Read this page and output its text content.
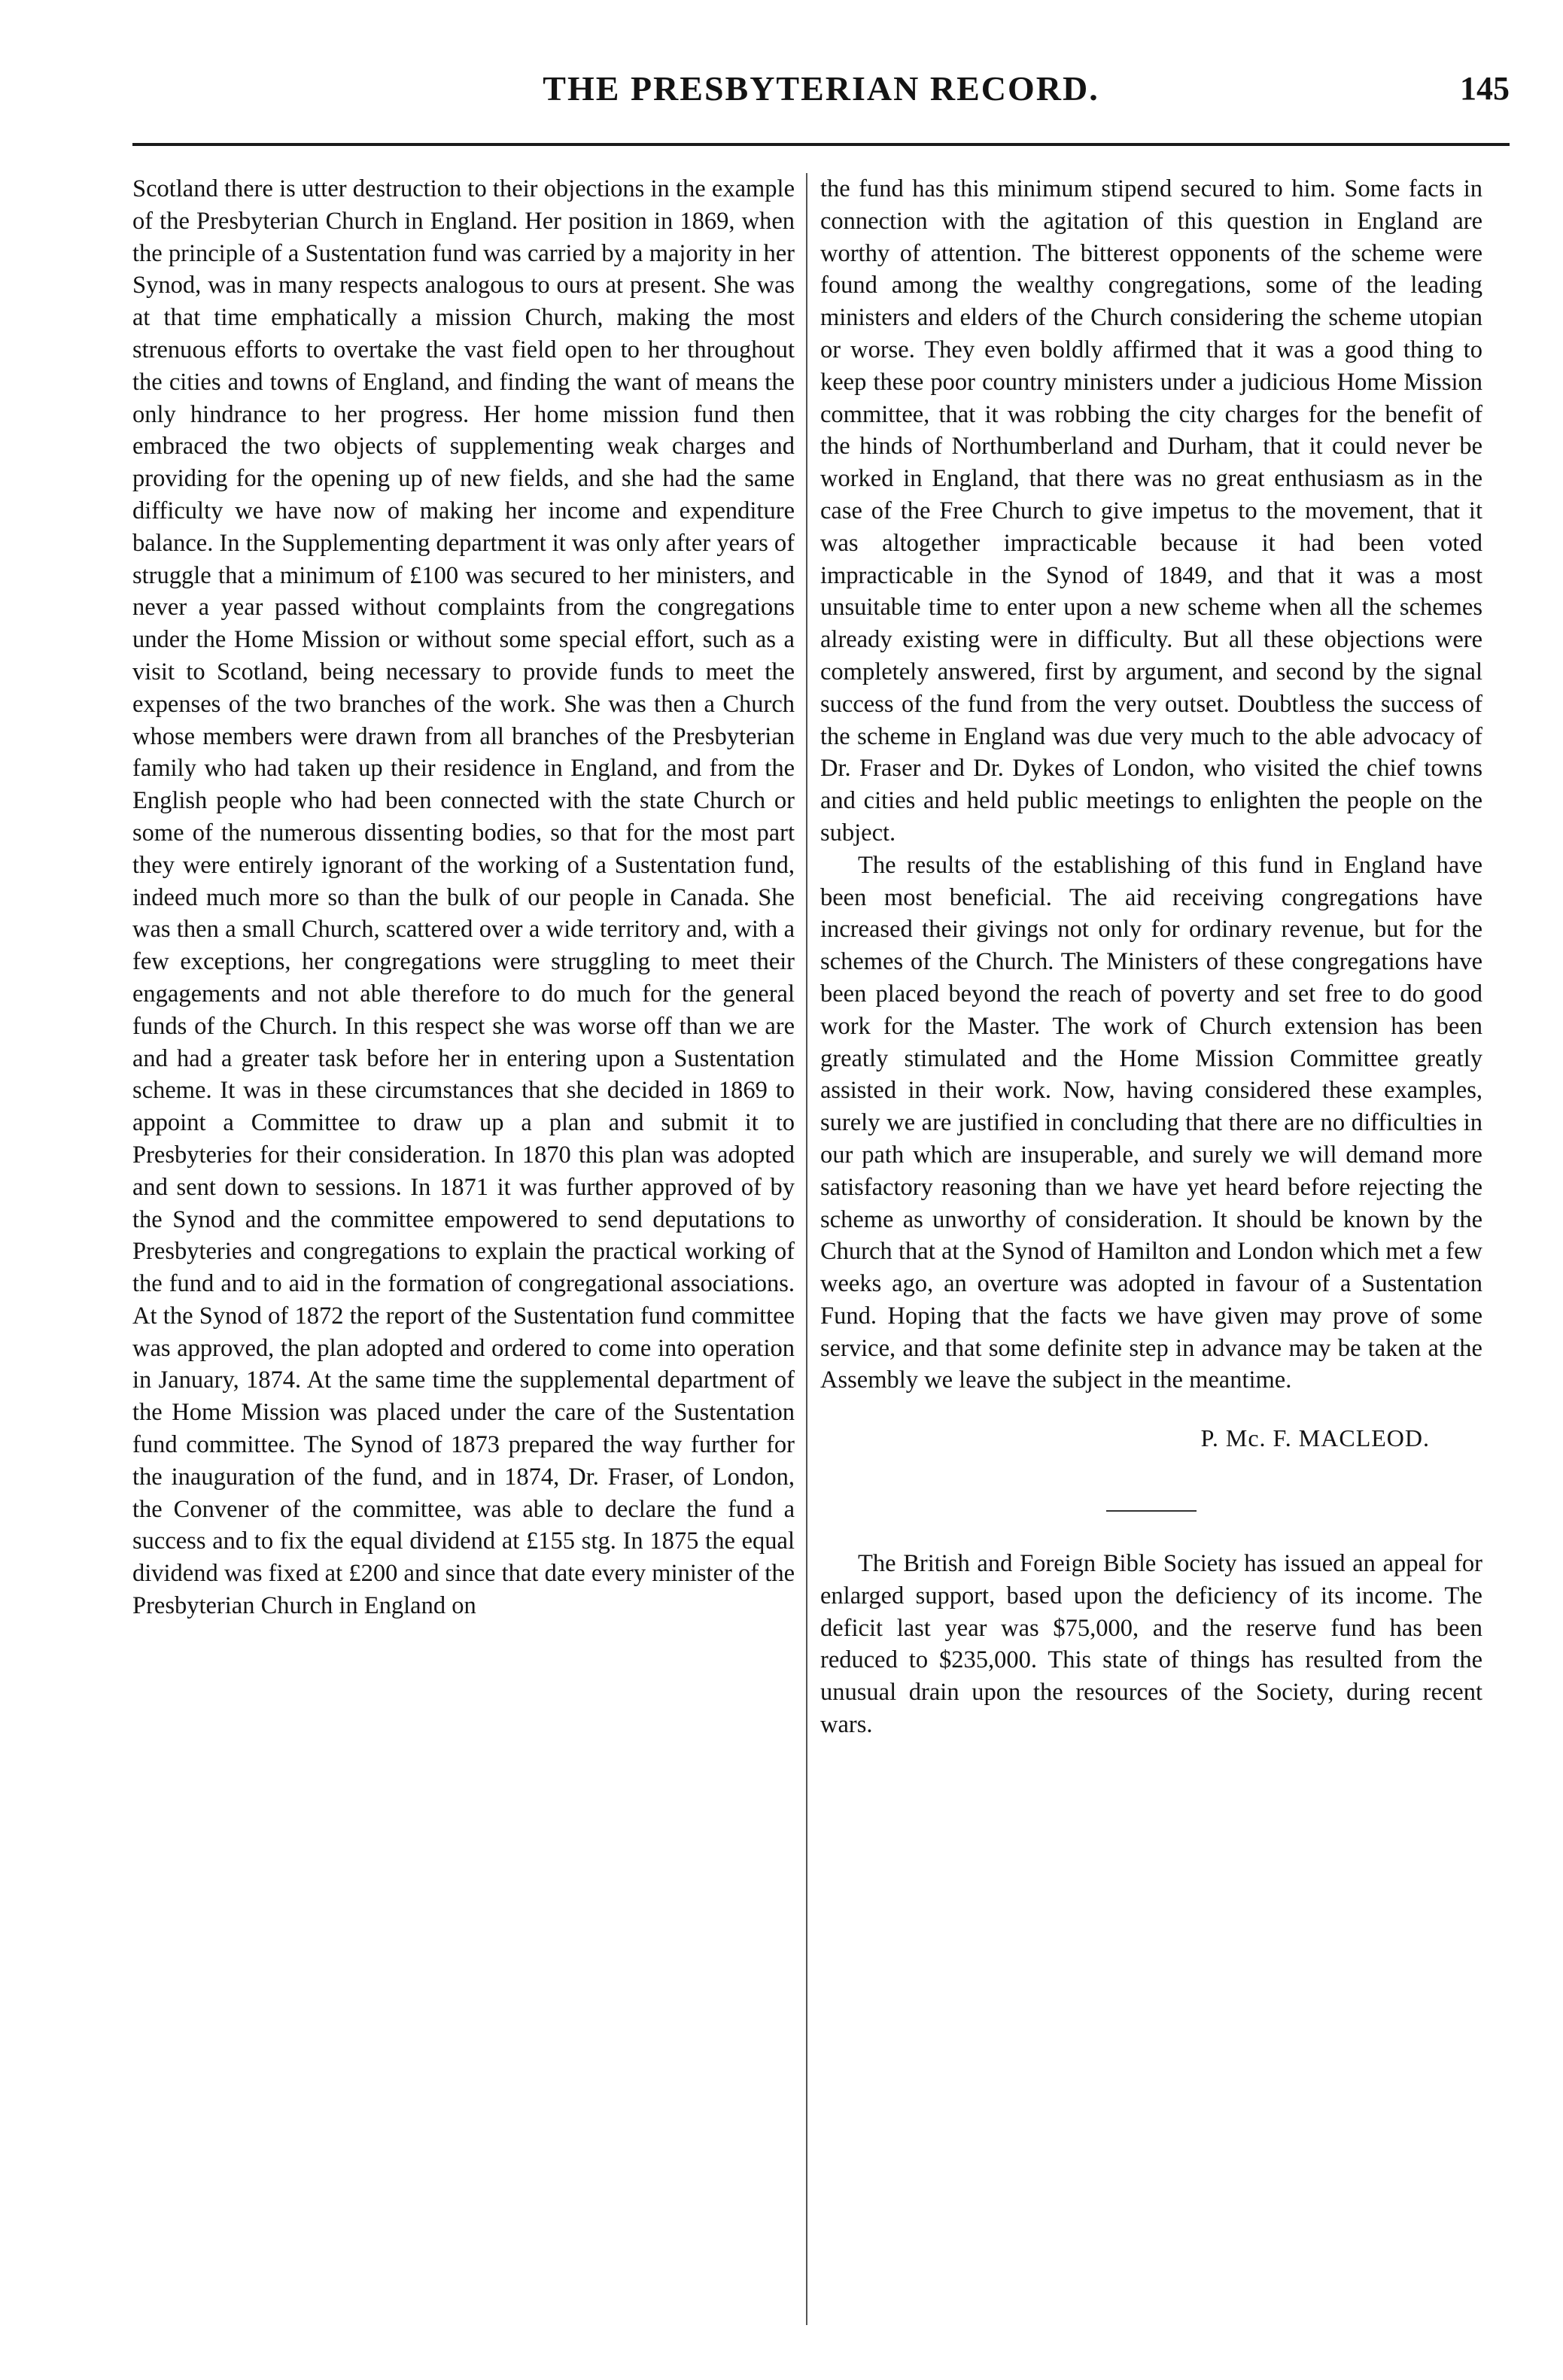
THE PRESBYTERIAN RECORD.	145

Scotland there is utter destruction to their objections in the example of the Presbyterian Church in England. Her position in 1869, when the principle of a Sustentation fund was carried by a majority in her Synod, was in many respects analogous to ours at present. She was at that time emphatically a mission Church, making the most strenuous efforts to overtake the vast field open to her throughout the cities and towns of England, and finding the want of means the only hindrance to her progress. Her home mission fund then embraced the two objects of supplementing weak charges and providing for the opening up of new fields, and she had the same difficulty we have now of making her income and expenditure balance. In the Supplementing department it was only after years of struggle that a minimum of £100 was secured to her ministers, and never a year passed without complaints from the congregations under the Home Mission or without some special effort, such as a visit to Scotland, being necessary to provide funds to meet the expenses of the two branches of the work. She was then a Church whose members were drawn from all branches of the Presbyterian family who had taken up their residence in England, and from the English people who had been connected with the state Church or some of the numerous dissenting bodies, so that for the most part they were entirely ignorant of the working of a Sustentation fund, indeed much more so than the bulk of our people in Canada. She was then a small Church, scattered over a wide territory and, with a few exceptions, her congregations were struggling to meet their engagements and not able therefore to do much for the general funds of the Church. In this respect she was worse off than we are and had a greater task before her in entering upon a Sustentation scheme. It was in these circumstances that she decided in 1869 to appoint a Committee to draw up a plan and submit it to Presbyteries for their consideration. In 1870 this plan was adopted and sent down to sessions. In 1871 it was further approved of by the Synod and the committee empowered to send deputations to Presbyteries and congregations to explain the practical working of the fund and to aid in the formation of congregational associations. At the Synod of 1872 the report of the Sustentation fund committee was approved, the plan adopted and ordered to come into operation in January, 1874. At the same time the supplemental department of the Home Mission was placed under the care of the Sustentation fund committee. The Synod of 1873 prepared the way further for the inauguration of the fund, and in 1874, Dr. Fraser, of London, the Convener of the committee, was able to declare the fund a success and to fix the equal dividend at £155 stg. In 1875 the equal dividend was fixed at £200 and since that date every minister of the Presbyterian Church in England on

the fund has this minimum stipend secured to him. Some facts in connection with the agitation of this question in England are worthy of attention. The bitterest opponents of the scheme were found among the wealthy congregations, some of the leading ministers and elders of the Church considering the scheme utopian or worse. They even boldly affirmed that it was a good thing to keep these poor country ministers under a judicious Home Mission committee, that it was robbing the city charges for the benefit of the hinds of Northumberland and Durham, that it could never be worked in England, that there was no great enthusiasm as in the case of the Free Church to give impetus to the movement, that it was altogether impracticable because it had been voted impracticable in the Synod of 1849, and that it was a most unsuitable time to enter upon a new scheme when all the schemes already existing were in difficulty. But all these objections were completely answered, first by argument, and second by the signal success of the fund from the very outset. Doubtless the success of the scheme in England was due very much to the able advocacy of Dr. Fraser and Dr. Dykes of London, who visited the chief towns and cities and held public meetings to enlighten the people on the subject.

The results of the establishing of this fund in England have been most beneficial. The aid receiving congregations have increased their givings not only for ordinary revenue, but for the schemes of the Church. The Ministers of these congregations have been placed beyond the reach of poverty and set free to do good work for the Master. The work of Church extension has been greatly stimulated and the Home Mission Committee greatly assisted in their work. Now, having considered these examples, surely we are justified in concluding that there are no difficulties in our path which are insuperable, and surely we will demand more satisfactory reasoning than we have yet heard before rejecting the scheme as unworthy of consideration. It should be known by the Church that at the Synod of Hamilton and London which met a few weeks ago, an overture was adopted in favour of a Sustentation Fund. Hoping that the facts we have given may prove of some service, and that some definite step in advance may be taken at the Assembly we leave the subject in the meantime.

P. Mc. F. MACLEOD.

The British and Foreign Bible Society has issued an appeal for enlarged support, based upon the deficiency of its income. The deficit last year was $75,000, and the reserve fund has been reduced to $235,000. This state of things has resulted from the unusual drain upon the resources of the Society, during recent wars.
